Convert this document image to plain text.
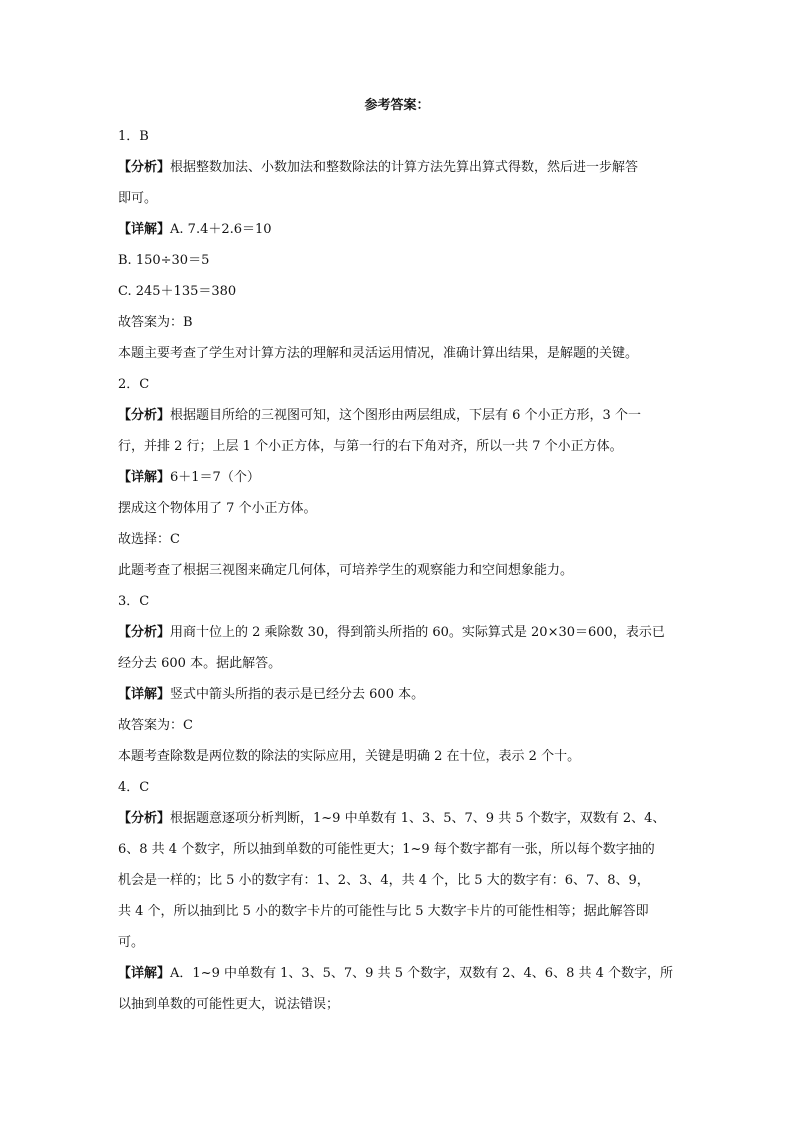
参考答案：
1．B
【分析】根据整数加法、小数加法和整数除法的计算方法先算出算式得数，然后进一步解答
即可。
【详解】A. 7.4＋2.6＝10
B. 150÷30＝5
C. 245＋135＝380
故答案为：B
本题主要考查了学生对计算方法的理解和灵活运用情况，准确计算出结果，是解题的关键。
2．C
【分析】根据题目所给的三视图可知，这个图形由两层组成，下层有 6 个小正方形，3 个一
行，并排 2 行；上层 1 个小正方体，与第一行的右下角对齐，所以一共 7 个小正方体。
【详解】6＋1＝7（个）
摆成这个物体用了 7 个小正方体。
故选择：C
此题考查了根据三视图来确定几何体，可培养学生的观察能力和空间想象能力。
3．C
【分析】用商十位上的 2 乘除数 30，得到箭头所指的 60。实际算式是 20×30＝600，表示已
经分去 600 本。据此解答。
【详解】竖式中箭头所指的表示是已经分去 600 本。
故答案为：C
本题考查除数是两位数的除法的实际应用，关键是明确 2 在十位，表示 2 个十。
4．C
【分析】根据题意逐项分析判断，1~9 中单数有 1、3、5、7、9 共 5 个数字，双数有 2、4、
6、8 共 4 个数字，所以抽到单数的可能性更大；1~9 每个数字都有一张，所以每个数字抽的
机会是一样的；比 5 小的数字有：1、2、3、4，共 4 个，比 5 大的数字有：6、7、8、9，
共 4 个，所以抽到比 5 小的数字卡片的可能性与比 5 大数字卡片的可能性相等；据此解答即
可。
【详解】A．1~9 中单数有 1、3、5、7、9 共 5 个数字，双数有 2、4、6、8 共 4 个数字，所
以抽到单数的可能性更大，说法错误；
